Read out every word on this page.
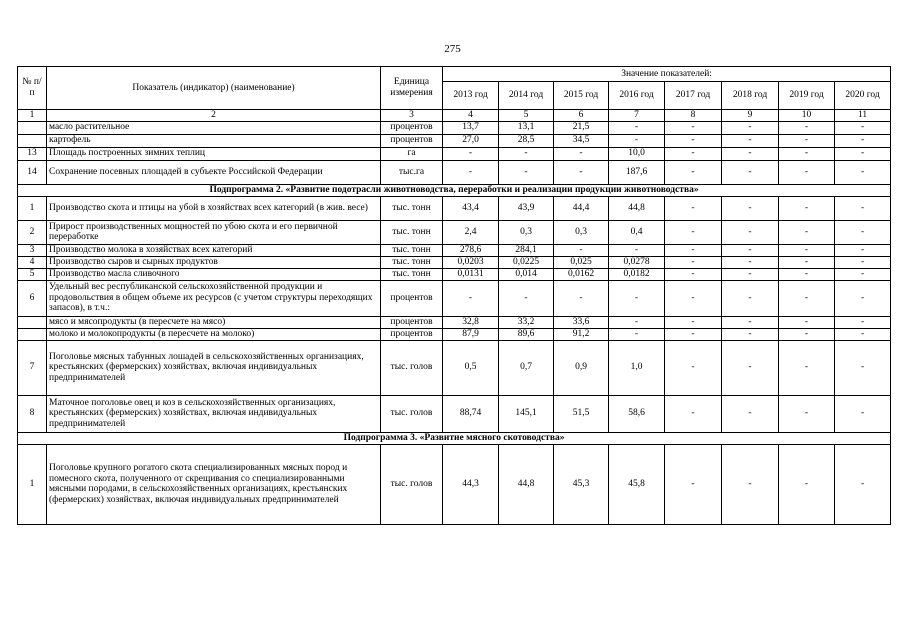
275
№ п/п	Показатель (индикатор) (наименование)	Единица измерения	Значение показателей:							
			2013 год	2014 год	2015 год	2016 год	2017 год	2018 год	2019 год	2020 год
1	2	3	4	5	6	7	8	9	10	11
	масло растительное	процентов	13,7	13,1	21,5	-	-	-	-	-
	картофель	процентов	27,0	28,5	34,5	-	-	-	-	-
13	Площадь построенных зимних теплиц	га	-	-	-	10,0	-	-	-	-
14	Сохранение посевных площадей в субъекте Российской Федерации	тыс.га	-	-	-	187,6	-	-	-	-
Подпрограмма 2. «Развитие подотрасли животноводства, переработки и реализации продукции животноводства»										
1	Производство скота и птицы на убой в хозяйствах всех категорий (в жив. весе)	тыс. тонн	43,4	43,9	44,4	44,8	-	-	-	-
2	Прирост производственных мощностей по убою скота и его первичной переработке	тыс. тонн	2,4	0,3	0,3	0,4	-	-	-	-
3	Производство молока в хозяйствах всех категорий	тыс. тонн	278,6	284,1	-	-	-	-	-	-
4	Производство сыров и сырных продуктов	тыс. тонн	0,0203	0,0225	0,025	0,0278	-	-	-	-
5	Производство масла сливочного	тыс. тонн	0,0131	0,014	0,0162	0,0182	-	-	-	-
6	Удельный вес республиканской сельскохозяйственной продукции и продовольствия в общем объеме их ресурсов (с учетом структуры переходящих запасов), в т.ч.:	процентов	-	-	-	-	-	-	-	-
	мясо и мясопродукты (в пересчете на мясо)	процентов	32,8	33,2	33,6	-	-	-	-	-
	молоко и молокопродукты (в пересчете на молоко)	процентов	87,9	89,6	91,2	-	-	-	-	-
7	Поголовье мясных табунных лошадей в сельскохозяйственных организациях, крестьянских (фермерских) хозяйствах, включая индивидуальных предпринимателей	тыс. голов	0,5	0,7	0,9	1,0	-	-	-	-
8	Маточное поголовье овец и коз в сельскохозяйственных организациях, крестьянских (фермерских) хозяйствах, включая индивидуальных предпринимателей	тыс. голов	88,74	145,1	51,5	58,6	-	-	-	-
Подпрограмма 3. «Развитие мясного скотоводства»										
1	Поголовье крупного рогатого скота специализированных мясных пород и помесного скота, полученного от скрещивания со специализированными мясными породами, в сельскохозяйственных организациях, крестьянских (фермерских) хозяйствах, включая индивидуальных предпринимателей	тыс. голов	44,3	44,8	45,3	45,8	-	-	-	-
